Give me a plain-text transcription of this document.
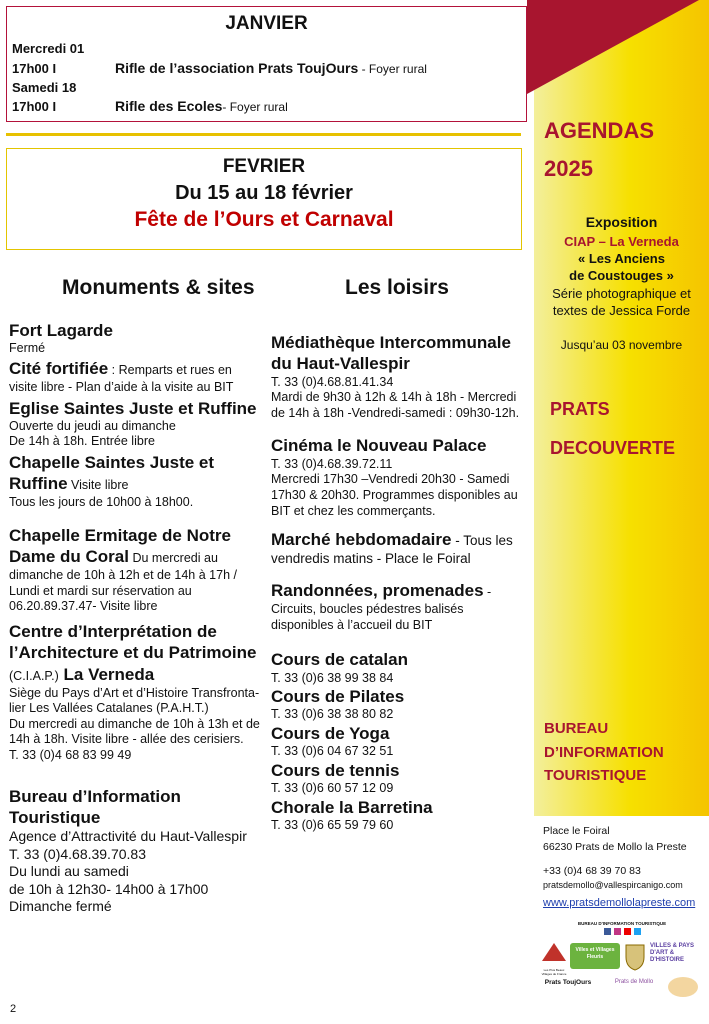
JANVIER
Mercredi 01
17h00 I	Rifle de l’association Prats ToujOurs - Foyer rural
Samedi 18
17h00 I	Rifle des Ecoles- Foyer rural
FEVRIER
Du 15 au 18 février
Fête de l’Ours et Carnaval
Monuments & sites	Les loisirs
Fort Lagarde
Fermé
Cité fortifiée : Remparts et rues en
visite libre - Plan d’aide à la visite au BIT
Eglise Saintes Juste et Ruffine
Ouverte du jeudi au dimanche
De 14h à 18h. Entrée libre
Chapelle Saintes Juste et
Ruffine Visite libre
Tous les jours de 10h00 à 18h00.
Chapelle Ermitage de Notre
Dame du Coral Du mercredi au
dimanche de 10h à 12h et de 14h à 17h /
Lundi et mardi sur réservation au
06.20.89.37.47- Visite libre
Centre d’Interprétation de
l’Architecture et du Patrimoine
(C.I.A.P.) La Verneda
Siège du Pays d’Art et d’Histoire Transfronta-
lier Les Vallées Catalanes (P.A.H.T.)
Du mercredi au dimanche de 10h à 13h et de
14h à 18h. Visite libre - allée des cerisiers.
T. 33 (0)4 68 83 99 49
Bureau d’Information
Touristique
Agence d’Attractivité du Haut-Vallespir
T. 33 (0)4.68.39.70.83
Du lundi au samedi
de 10h à 12h30- 14h00 à 17h00
Dimanche fermé
Médiathèque Intercommunale
du Haut-Vallespir
T. 33 (0)4.68.81.41.34
Mardi de 9h30 à 12h & 14h à 18h - Mercredi
de 14h à 18h -Vendredi-samedi : 09h30-12h.
Cinéma le Nouveau Palace
T. 33 (0)4.68.39.72.11
Mercredi 17h30 –Vendredi 20h30 - Samedi
17h30 & 20h30. Programmes disponibles au
BIT et chez les commerçants.
Marché hebdomadaire - Tous les
vendredis matins - Place le Foiral
Randonnées, promenades -
Circuits, boucles pédestres balisés
disponibles à l’accueil du BIT
Cours de catalan
T. 33 (0)6 38 99 38 84
Cours de Pilates
T. 33 (0)6 38 38 80 82
Cours de Yoga
T. 33 (0)6 04 67 32 51
Cours de tennis
T. 33 (0)6 60 57 12 09
Chorale la Barretina
T. 33 (0)6 65 59 79 60
AGENDAS
2025
Exposition
CIAP – La Verneda
« Les Anciens
de Coustouges »
Série photographique et
textes de Jessica Forde
Jusqu’au 03 novembre
PRATS
DECOUVERTE
BUREAU
D’INFORMATION
TOURISTIQUE
Place le Foiral
66230 Prats de Mollo la Preste
+33 (0)4 68 39 70 83
pratsdemollo@vallespircanigo.com
www.pratsdemollolapreste.com
BUREAU D'INFORMATION TOURISTIQUE
Les Plus Beaux Villages de France
Villes et Villages Fleuris
VILLES & PAYS D'ART & D'HISTOIRE
Prats ToujOurs	Prats de Mollo
2
